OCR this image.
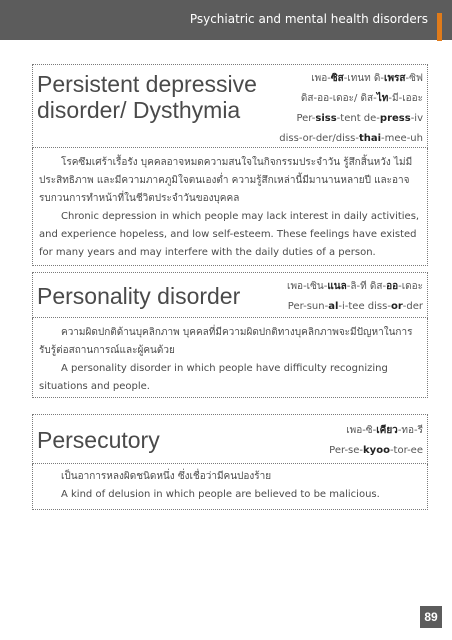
Psychiatric and mental health disorders
Persistent depressive
disorder/ Dysthymia
เพอ-ซิส-เทนท ดิ-เพรส-ซิฟ
ดิส-ออ-เดอะ/ ดิส-ไท-มี-เออะ
Per-siss-tent de-press-iv
diss-or-der/diss-thai-mee-uh
โรคซึมเศร้าเรื้อรัง บุคคลอาจหมดความสนใจในกิจกรรมประจำวัน รู้สึกสิ้นหวัง ไม่มีประสิทธิภาพ และมีความภาคภูมิใจตนเองต่ำ ความรู้สึกเหล่านี้มีมานานหลายปี และอาจรบกวนการทำหน้าที่ในชีวิตประจำวันของบุคคล
Chronic depression in which people may lack interest in daily activities, and experience hopeless, and low self-esteem. These feelings have existed for many years and may interfere with the daily duties of a person.
Personality disorder	เพอ-เซิน-แนล-ลิ-ที ดิส-ออ-เดอะ
Per-sun-al-i-tee diss-or-der
ความผิดปกติด้านบุคลิกภาพ บุคคลที่มีความผิดปกติทางบุคลิกภาพจะมีปัญหาในการรับรู้ต่อสถานการณ์และผู้คนด้วย
A personality disorder in which people have difficulty recognizing situations and people.
Persecutory	เพอ-ซิ-เคียว-ทอ-รี
Per-se-kyoo-tor-ee
เป็นอาการหลงผิดชนิดหนึ่ง ซึ่งเชื่อว่ามีคนปองร้าย
A kind of delusion in which people are believed to be malicious.
89
